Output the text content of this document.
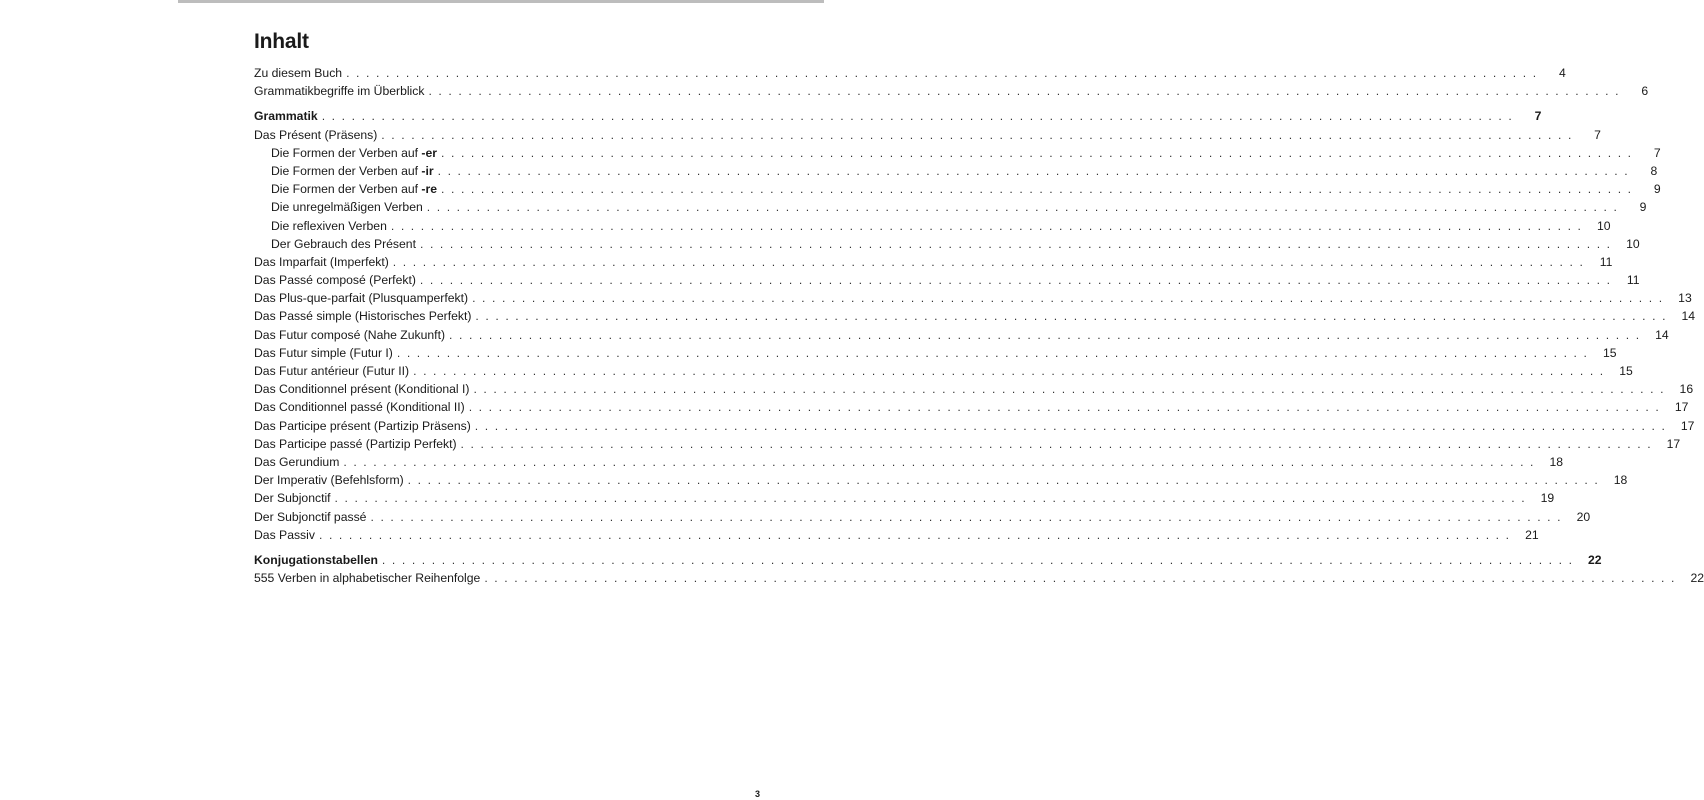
Inhalt
Zu diesem Buch . . . . . . . . . . . . . . . . . . . . . . . . . . . . . . . . . . . . . . . . . . . . . . . . . . . . . . . . . . . . . . . . . . . . . . . . . . . . . . . . . . . . . . . . . . . . . . . . . . . . . . . . . . . . . . . . . . . . . . . .	4
Grammatikbegriffe im Überblick . . . . . . . . . . . . . . . . . . . . . . . . . . . . . . . . . . . . . . . . . . . . . . . . . . . . . . . . . . . . . . . . . . . . . . . . . . . . . . . . . . . . . . . . . . . . . . . . . . . . . . . . . . . . . . . . . . . . . . . .	6
Grammatik . . . . . . . . . . . . . . . . . . . . . . . . . . . . . . . . . . . . . . . . . . . . . . . . . . . . . . . . . . . . . . . . . . . . . . . . . . . . . . . . . . . . . . . . . . . . . . . . . . . . . . . . . . . . . . . . . . . . . . . .	7
Das Présent (Präsens) . . . . . . . . . . . . . . . . . . . . . . . . . . . . . . . . . . . . . . . . . . . . . . . . . . . . . . . . . . . . . . . . . . . . . . . . . . . . . . . . . . . . . . . . . . . . . . . . . . . . . . . . . . . . . . . . . . . . . . . .	7
Die Formen der Verben auf -er . . . . . . . . . . . . . . . . . . . . . . . . . . . . . . . . . . . . . . . . . . . . . . . . . . . . . . . . . . . . . . . . . . . . . . . . . . . . . . . . . . . . . . . . . . . . . . . . . . . . . . . . . . . . . . . . . . . . . . . .	7
Die Formen der Verben auf -ir . . . . . . . . . . . . . . . . . . . . . . . . . . . . . . . . . . . . . . . . . . . . . . . . . . . . . . . . . . . . . . . . . . . . . . . . . . . . . . . . . . . . . . . . . . . . . . . . . . . . . . . . . . . . . . . . . . . . . . . .	8
Die Formen der Verben auf -re . . . . . . . . . . . . . . . . . . . . . . . . . . . . . . . . . . . . . . . . . . . . . . . . . . . . . . . . . . . . . . . . . . . . . . . . . . . . . . . . . . . . . . . . . . . . . . . . . . . . . . . . . . . . . . . . . . . . . . . .	9
Die unregelmäßigen Verben . . . . . . . . . . . . . . . . . . . . . . . . . . . . . . . . . . . . . . . . . . . . . . . . . . . . . . . . . . . . . . . . . . . . . . . . . . . . . . . . . . . . . . . . . . . . . . . . . . . . . . . . . . . . . . . . . . . . . . . .	9
Die reflexiven Verben . . . . . . . . . . . . . . . . . . . . . . . . . . . . . . . . . . . . . . . . . . . . . . . . . . . . . . . . . . . . . . . . . . . . . . . . . . . . . . . . . . . . . . . . . . . . . . . . . . . . . . . . . . . . . . . . . . . . . . . .	10
Der Gebrauch des Présent . . . . . . . . . . . . . . . . . . . . . . . . . . . . . . . . . . . . . . . . . . . . . . . . . . . . . . . . . . . . . . . . . . . . . . . . . . . . . . . . . . . . . . . . . . . . . . . . . . . . . . . . . . . . . . . . . . . . . . . .	10
Das Imparfait (Imperfekt) . . . . . . . . . . . . . . . . . . . . . . . . . . . . . . . . . . . . . . . . . . . . . . . . . . . . . . . . . . . . . . . . . . . . . . . . . . . . . . . . . . . . . . . . . . . . . . . . . . . . . . . . . . . . . . . . . . . . . . . .	11
Das Passé composé (Perfekt) . . . . . . . . . . . . . . . . . . . . . . . . . . . . . . . . . . . . . . . . . . . . . . . . . . . . . . . . . . . . . . . . . . . . . . . . . . . . . . . . . . . . . . . . . . . . . . . . . . . . . . . . . . . . . . . . . . . . . . . .	11
Das Plus-que-parfait (Plusquamperfekt) . . . . . . . . . . . . . . . . . . . . . . . . . . . . . . . . . . . . . . . . . . . . . . . . . . . . . . . . . . . . . . . . . . . . . . . . . . . . . . . . . . . . . . . . . . . . . . . . . . . . . . . . . . . . . . . . . . . . . . . .	13
Das Passé simple (Historisches Perfekt) . . . . . . . . . . . . . . . . . . . . . . . . . . . . . . . . . . . . . . . . . . . . . . . . . . . . . . . . . . . . . . . . . . . . . . . . . . . . . . . . . . . . . . . . . . . . . . . . . . . . . . . . . . . . . . . . . . . . . . . .	14
Das Futur composé (Nahe Zukunft) . . . . . . . . . . . . . . . . . . . . . . . . . . . . . . . . . . . . . . . . . . . . . . . . . . . . . . . . . . . . . . . . . . . . . . . . . . . . . . . . . . . . . . . . . . . . . . . . . . . . . . . . . . . . . . . . . . . . . . . .	14
Das Futur simple (Futur I) . . . . . . . . . . . . . . . . . . . . . . . . . . . . . . . . . . . . . . . . . . . . . . . . . . . . . . . . . . . . . . . . . . . . . . . . . . . . . . . . . . . . . . . . . . . . . . . . . . . . . . . . . . . . . . . . . . . . . . . .	15
Das Futur antérieur (Futur II) . . . . . . . . . . . . . . . . . . . . . . . . . . . . . . . . . . . . . . . . . . . . . . . . . . . . . . . . . . . . . . . . . . . . . . . . . . . . . . . . . . . . . . . . . . . . . . . . . . . . . . . . . . . . . . . . . . . . . . . .	15
Das Conditionnel présent (Konditional I) . . . . . . . . . . . . . . . . . . . . . . . . . . . . . . . . . . . . . . . . . . . . . . . . . . . . . . . . . . . . . . . . . . . . . . . . . . . . . . . . . . . . . . . . . . . . . . . . . . . . . . . . . . . . . . . . . . . . . . . .	16
Das Conditionnel passé (Konditional II) . . . . . . . . . . . . . . . . . . . . . . . . . . . . . . . . . . . . . . . . . . . . . . . . . . . . . . . . . . . . . . . . . . . . . . . . . . . . . . . . . . . . . . . . . . . . . . . . . . . . . . . . . . . . . . . . . . . . . . . .	17
Das Participe présent (Partizip Präsens) . . . . . . . . . . . . . . . . . . . . . . . . . . . . . . . . . . . . . . . . . . . . . . . . . . . . . . . . . . . . . . . . . . . . . . . . . . . . . . . . . . . . . . . . . . . . . . . . . . . . . . . . . . . . . . . . . . . . . . . .	17
Das Participe passé (Partizip Perfekt) . . . . . . . . . . . . . . . . . . . . . . . . . . . . . . . . . . . . . . . . . . . . . . . . . . . . . . . . . . . . . . . . . . . . . . . . . . . . . . . . . . . . . . . . . . . . . . . . . . . . . . . . . . . . . . . . . . . . . . . .	17
Das Gerundium . . . . . . . . . . . . . . . . . . . . . . . . . . . . . . . . . . . . . . . . . . . . . . . . . . . . . . . . . . . . . . . . . . . . . . . . . . . . . . . . . . . . . . . . . . . . . . . . . . . . . . . . . . . . . . . . . . . . . . . .	18
Der Imperativ (Befehlsform) . . . . . . . . . . . . . . . . . . . . . . . . . . . . . . . . . . . . . . . . . . . . . . . . . . . . . . . . . . . . . . . . . . . . . . . . . . . . . . . . . . . . . . . . . . . . . . . . . . . . . . . . . . . . . . . . . . . . . . . .	18
Der Subjonctif . . . . . . . . . . . . . . . . . . . . . . . . . . . . . . . . . . . . . . . . . . . . . . . . . . . . . . . . . . . . . . . . . . . . . . . . . . . . . . . . . . . . . . . . . . . . . . . . . . . . . . . . . . . . . . . . . . . . . . . .	19
Der Subjonctif passé . . . . . . . . . . . . . . . . . . . . . . . . . . . . . . . . . . . . . . . . . . . . . . . . . . . . . . . . . . . . . . . . . . . . . . . . . . . . . . . . . . . . . . . . . . . . . . . . . . . . . . . . . . . . . . . . . . . . . . . .	20
Das Passiv . . . . . . . . . . . . . . . . . . . . . . . . . . . . . . . . . . . . . . . . . . . . . . . . . . . . . . . . . . . . . . . . . . . . . . . . . . . . . . . . . . . . . . . . . . . . . . . . . . . . . . . . . . . . . . . . . . . . . . . .	21
Konjugationstabellen . . . . . . . . . . . . . . . . . . . . . . . . . . . . . . . . . . . . . . . . . . . . . . . . . . . . . . . . . . . . . . . . . . . . . . . . . . . . . . . . . . . . . . . . . . . . . . . . . . . . . . . . . . . . . . . . . . . . . . . .	22
555 Verben in alphabetischer Reihenfolge . . . . . . . . . . . . . . . . . . . . . . . . . . . . . . . . . . . . . . . . . . . . . . . . . . . . . . . . . . . . . . . . . . . . . . . . . . . . . . . . . . . . . . . . . . . . . . . . . . . . . . . . . . . . . . . . . . . . . . . .	22
3
